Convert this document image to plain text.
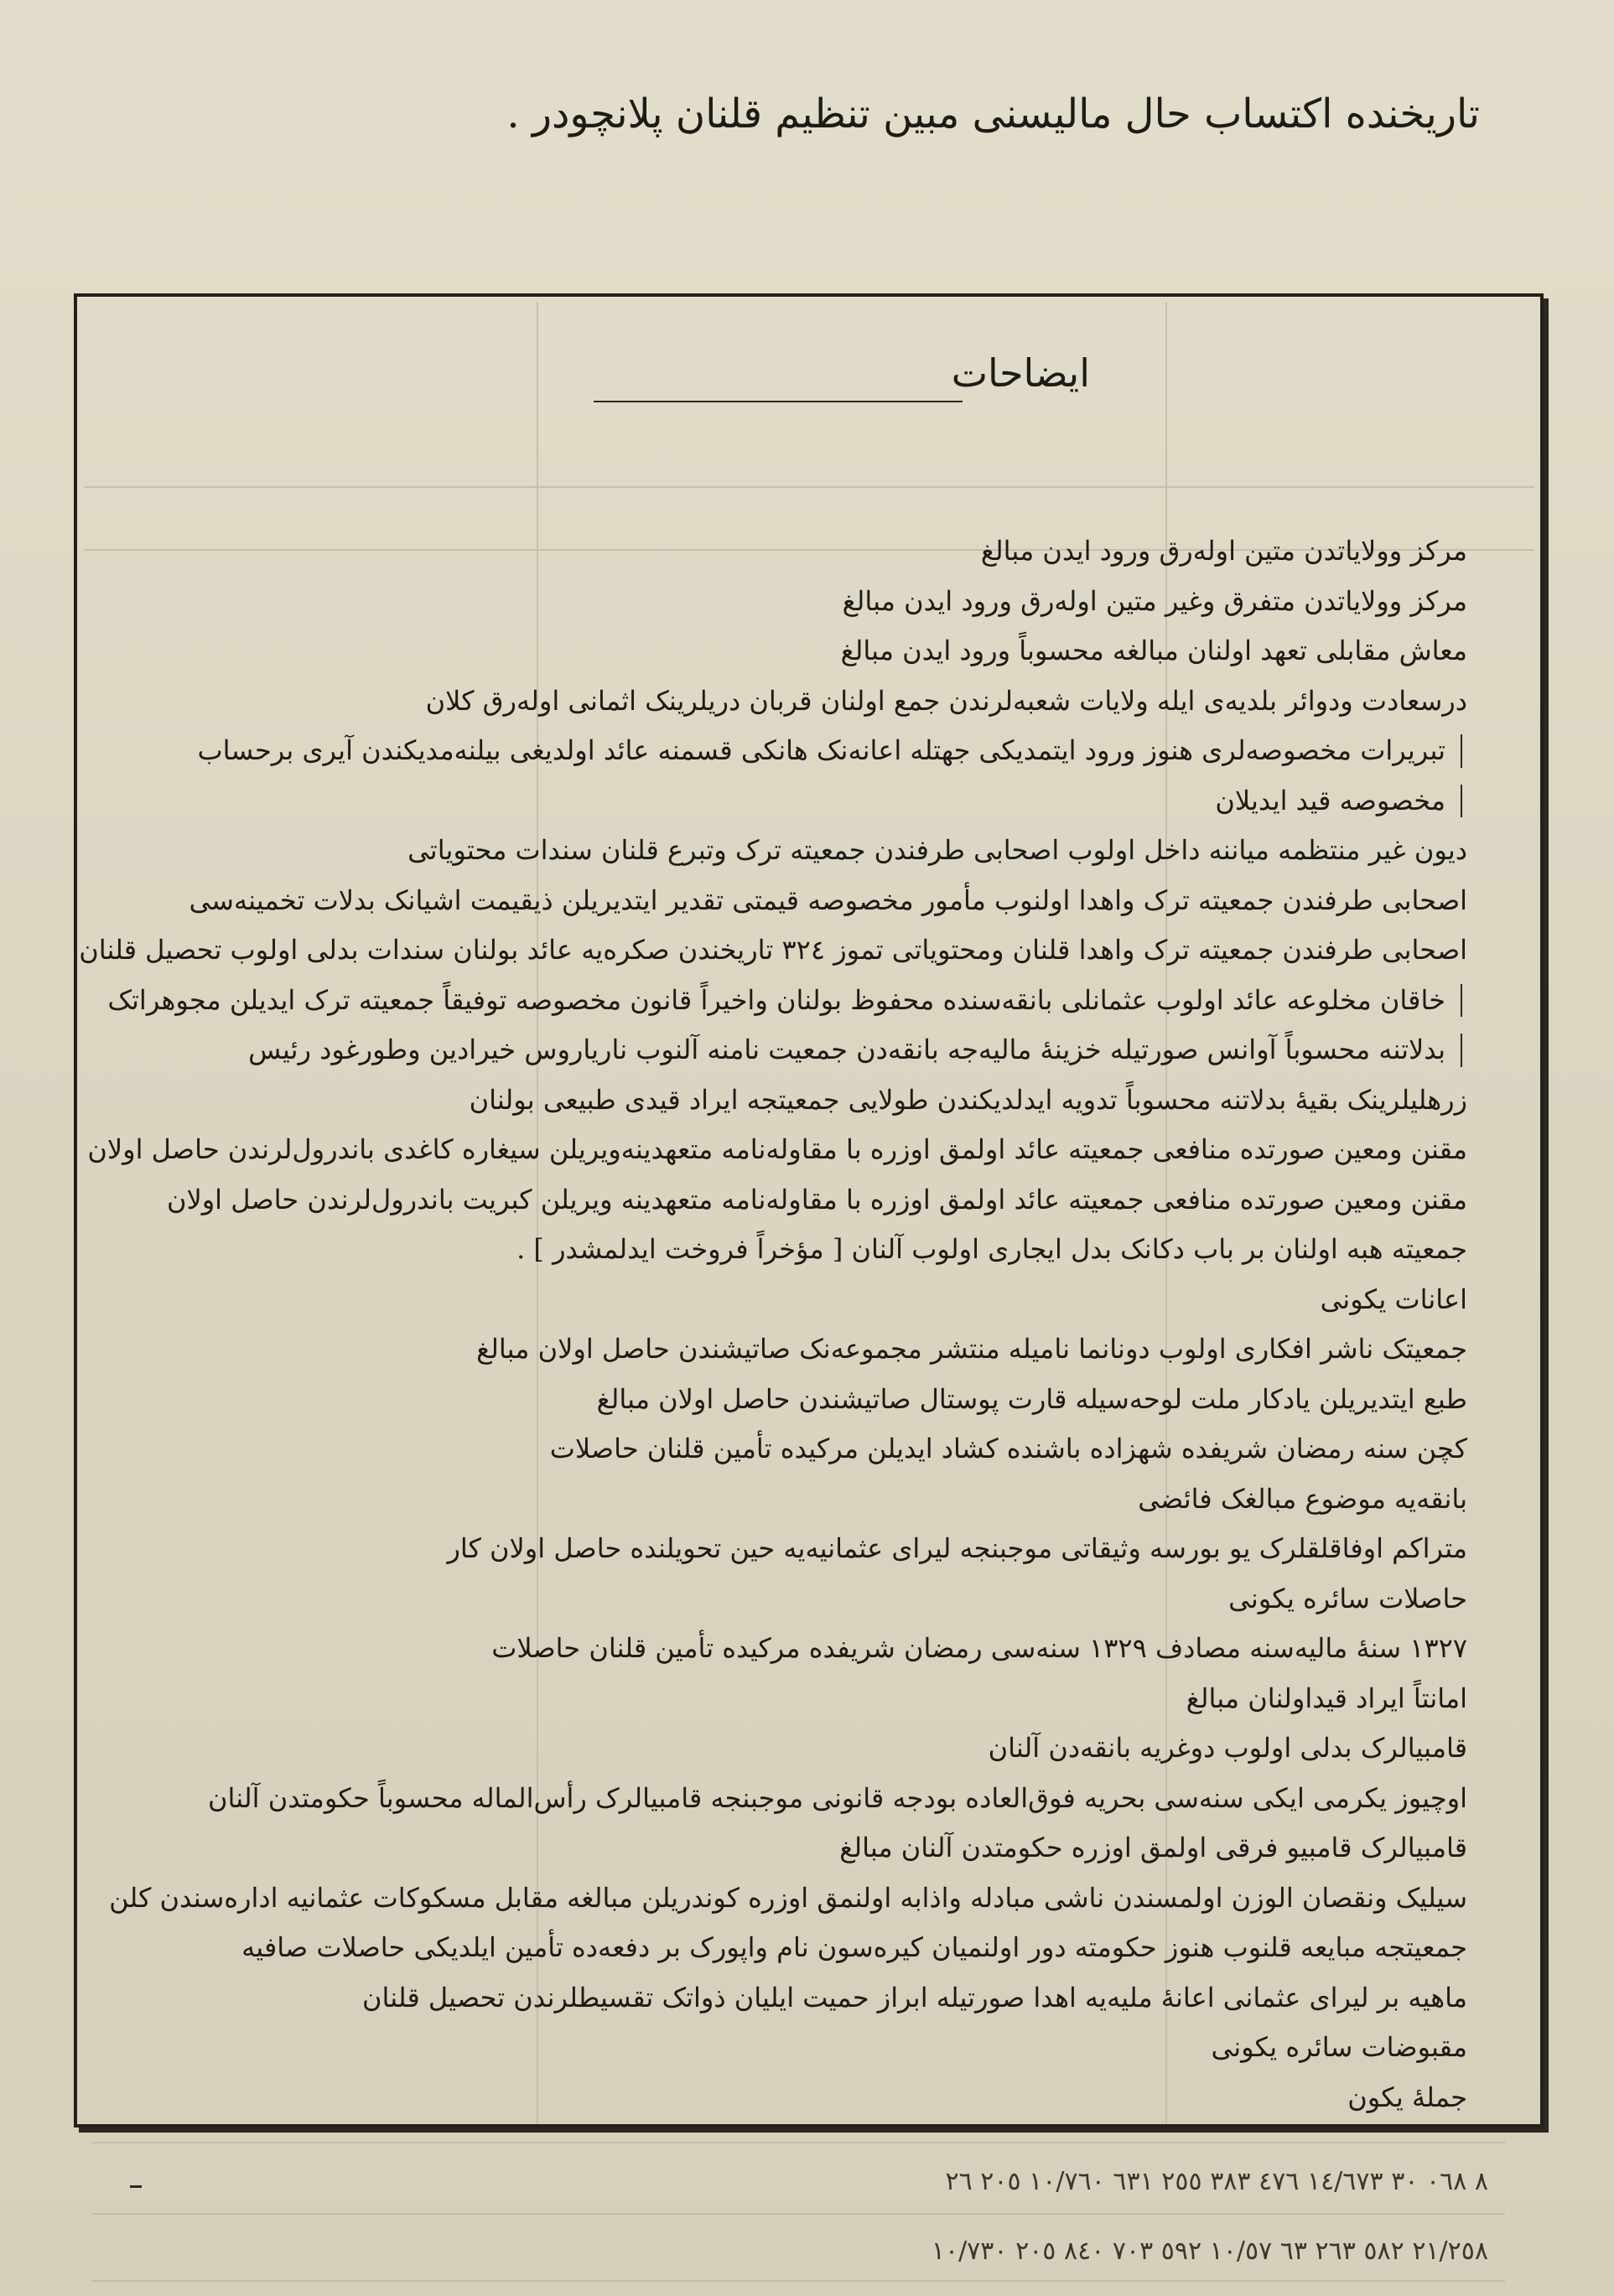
تاریخنده اکتساب حال مالیسنی مبین تنظیم قلنان پلانچودر .
ایضاحات
مرکز وولایاتدن متین اوله‌رق ورود ایدن مبالغ
مرکز وولایاتدن متفرق وغیر متین اوله‌رق ورود ایدن مبالغ
معاش مقابلی تعهد اولنان مبالغه محسوباً ورود ایدن مبالغ
درسعادت ودوائر بلدیه‌ی ایله ولایات شعبه‌لرندن جمع اولنان قربان دریلرینک اثمانی اوله‌رق کلان
تبریرات مخصوصه‌لری هنوز ورود ایتمدیکی جهتله اعانه‌نک هانکی قسمنه عائد اولدیغی بیلنه‌مدیکندن آیری برحساب
مخصوصه قید ایدیلان
دیون غیر منتظمه میاننه داخل اولوب اصحابی طرفندن جمعیته ترک وتبرع قلنان سندات محتویاتی
اصحابی طرفندن جمعیته ترک واهدا اولنوب مأمور مخصوصه قیمتی تقدیر ایتدیریلن ذیقیمت اشیانک بدلات تخمینه‌سی
اصحابی طرفندن جمعیته ترک واهدا قلنان ومحتویاتی تموز ٣٢٤ تاریخندن صکره‌یه عائد بولنان سندات بدلی اولوب تحصیل قلنان
خاقان مخلوعه عائد اولوب عثمانلی بانقه‌سنده محفوظ بولنان واخیراً قانون مخصوصه توفیقاً جمعیته ترک ایدیلن مجوهراتک
بدلاتنه محسوباً آوانس صورتیله خزینهٔ مالیه‌جه بانقه‌دن جمعیت نامنه آلنوب ناریاروس خیرادین وطورغود رئیس
زرهلیلرینک بقیهٔ بدلاتنه محسوباً تدویه ایدلدیکندن طولایی جمعیتجه ایراد قیدی طبیعی بولنان
مقنن ومعین صورتده منافعی جمعیته عائد اولمق اوزره با مقاوله‌نامه متعهدینه‌ویریلن سیغاره کاغدی باندرول‌لرندن حاصل اولان
مقنن ومعین صورتده منافعی جمعیته عائد اولمق اوزره با مقاوله‌نامه متعهدینه ویریلن کبریت باندرول‌لرندن حاصل اولان
جمعیته هبه اولنان بر باب دکانک بدل ایجاری اولوب آلنان [ مؤخراً فروخت ایدلمشدر ] .
اعانات یکونی
جمعیتک ناشر افکاری اولوب دونانما نامیله منتشر مجموعه‌نک صاتیشندن حاصل اولان مبالغ
طبع ایتدیریلن یادکار ملت لوحه‌سیله قارت پوستال صاتیشندن حاصل اولان مبالغ
کچن سنه رمضان شریفده شهزاده باشنده کشاد ایدیلن مرکیده تأمین قلنان حاصلات
بانقه‌یه موضوع مبالغک فائضی
متراکم اوفاقلقلرک یو بورسه وثیقاتی موجبنجه لیرای عثمانیه‌یه حین تحویلنده حاصل اولان کار
حاصلات سائره یکونی
١٣٢٧ سنهٔ مالیه‌سنه مصادف ١٣٢٩ سنه‌سی رمضان شریفده مرکیده تأمین قلنان حاصلات
امانتاً ایراد قیداولنان مبالغ
قامبیالرک بدلی اولوب دوغریه بانقه‌دن آلنان
اوچیوز یکرمی ایکی سنه‌سی بحریه فوق‌العاده بودجه قانونی موجبنجه قامبیالرک رأس‌الماله محسوباً حکومتدن آلنان
قامبیالرک قامبیو فرقی اولمق اوزره حکومتدن آلنان مبالغ
سیلیک ونقصان الوزن اولمسندن ناشی مبادله واذابه اولنمق اوزره کوندریلن مبالغه مقابل مسکوکات عثمانیه اداره‌سندن کلن
جمعیتجه مبایعه قلنوب هنوز حکومته دور اولنمیان کیره‌سون نام واپورک بر دفعه‌ده تأمین ایلدیکی حاصلات صافیه
ماهیه بر لیرای عثمانی اعانهٔ ملیه‌یه اهدا صورتیله ابراز حمیت ایلیان ذواتک تقسیطلرندن تحصیل قلنان
مقبوضات سائره یکونی
جملهٔ یکون
٨ ٠٦٨ ٣٠ ١٤/٦٧٣ ٤٧٦ ٣٨٣ ٢٥٥ ٦٣١ ١٠/٧٦٠ ٢٠٥ ٢٦
٢١/٢٥٨ ٥٨٢ ٢٦٣ ٦٣ ١٠/٥٧ ٥٩٢ ٧٠٣ ٨٤٠ ٢٠٥ ١٠/٧٣٠
